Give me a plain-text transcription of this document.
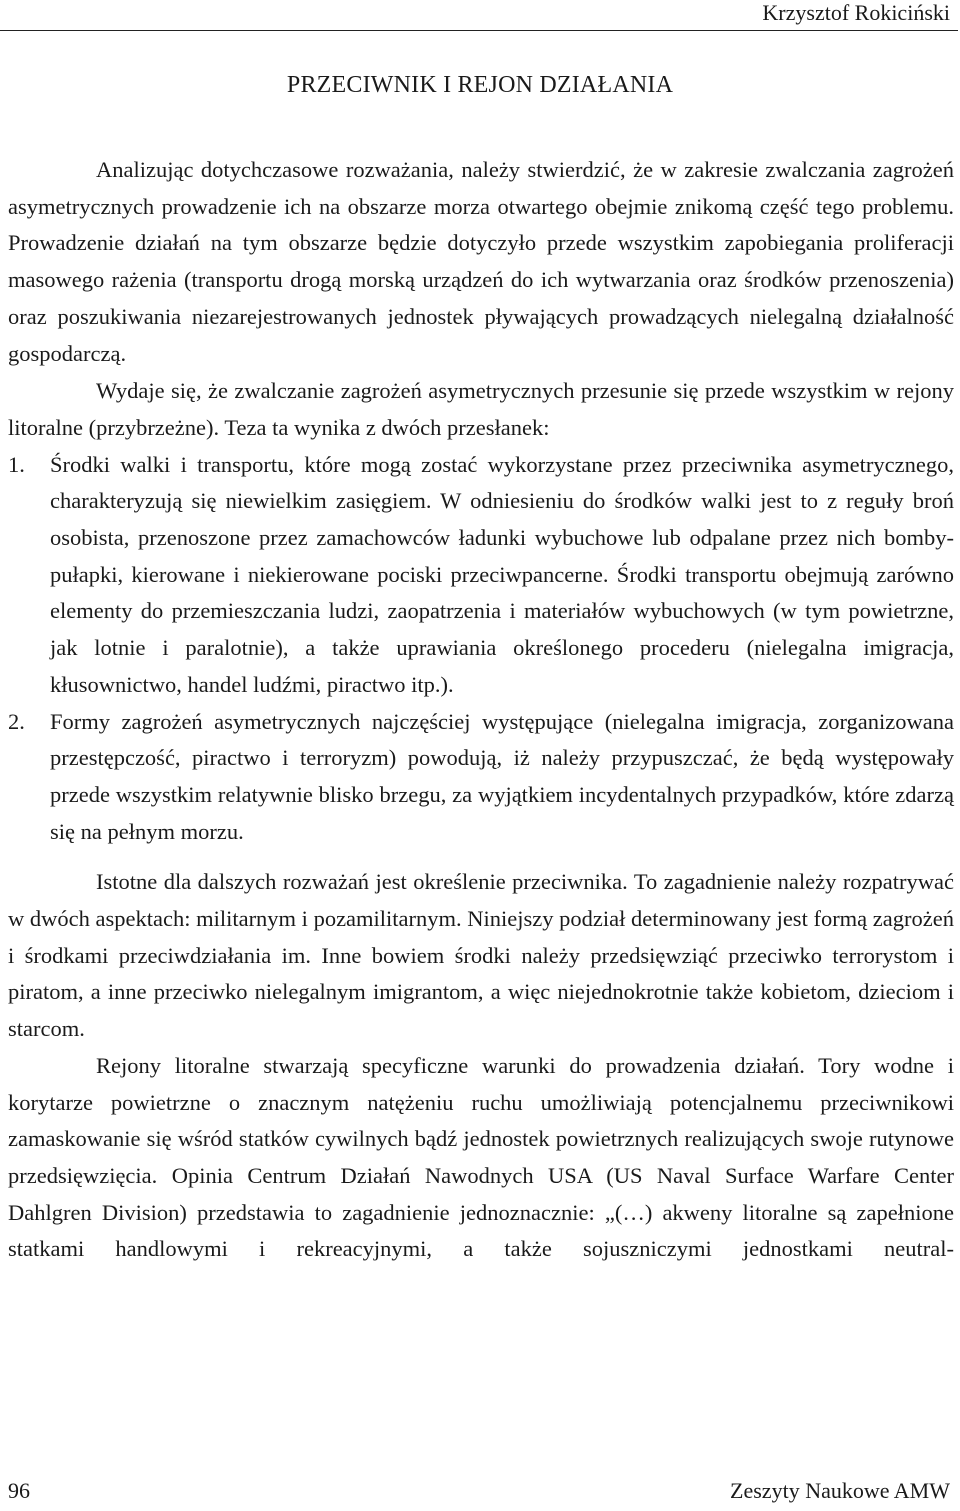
Krzysztof Rokiciński
PRZECIWNIK I REJON DZIAŁANIA

Analizując dotychczasowe rozważania, należy stwierdzić, że w zakresie zwalczania zagrożeń asymetrycznych prowadzenie ich na obszarze morza otwartego obejmie znikomą część tego problemu. Prowadzenie działań na tym obszarze będzie dotyczyło przede wszystkim zapobiegania proliferacji masowego rażenia (transportu drogą morską urządzeń do ich wytwarzania oraz środków przenoszenia) oraz poszukiwania niezarejestrowanych jednostek pływających prowadzących nielegalną działalność gospodarczą.

Wydaje się, że zwalczanie zagrożeń asymetrycznych przesunie się przede wszystkim w rejony litoralne (przybrzeżne). Teza ta wynika z dwóch przesłanek:

1. Środki walki i transportu, które mogą zostać wykorzystane przez przeciwnika asymetrycznego, charakteryzują się niewielkim zasięgiem. W odniesieniu do środków walki jest to z reguły broń osobista, przenoszone przez zamachowców ładunki wybuchowe lub odpalane przez nich bomby-pułapki, kierowane i niekierowane pociski przeciwpancerne. Środki transportu obejmują zarówno elementy do przemieszczania ludzi, zaopatrzenia i materiałów wybuchowych (w tym powietrzne, jak lotnie i paralotnie), a także uprawiania określonego procederu (nielegalna imigracja, kłusownictwo, handel ludźmi, piractwo itp.).

2. Formy zagrożeń asymetrycznych najczęściej występujące (nielegalna imigracja, zorganizowana przestępczość, piractwo i terroryzm) powodują, iż należy przypuszczać, że będą występowały przede wszystkim relatywnie blisko brzegu, za wyjątkiem incydentalnych przypadków, które zdarzą się na pełnym morzu.

Istotne dla dalszych rozważań jest określenie przeciwnika. To zagadnienie należy rozpatrywać w dwóch aspektach: militarnym i pozamilitarnym. Niniejszy podział determinowany jest formą zagrożeń i środkami przeciwdziałania im. Inne bowiem środki należy przedsięwziąć przeciwko terrorystom i piratom, a inne przeciwko nielegalnym imigrantom, a więc niejednokrotnie także kobietom, dzieciom i starcom.

Rejony litoralne stwarzają specyficzne warunki do prowadzenia działań. Tory wodne i korytarze powietrzne o znacznym natężeniu ruchu umożliwiają potencjalnemu przeciwnikowi zamaskowanie się wśród statków cywilnych bądź jednostek powietrznych realizujących swoje rutynowe przedsięwzięcia. Opinia Centrum Działań Nawodnych USA (US Naval Surface Warfare Center Dahlgren Division) przedstawia to zagadnienie jednoznacznie: „(…) akweny litoralne są zapełnione statkami handlowymi i rekreacyjnymi, a także sojuszniczymi jednostkami neutral-

96	Zeszyty Naukowe AMW
